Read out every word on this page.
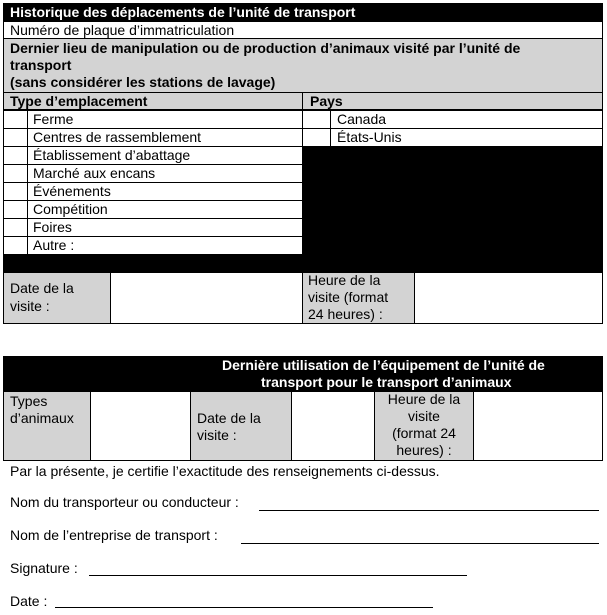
Historique des déplacements de l’unité de transport
Numéro de plaque d’immatriculation
Dernier lieu de manipulation ou de production d’animaux visité par l’unité de
transport
(sans considérer les stations de lavage)
Type d’emplacement	Pays
Ferme
Centres de rassemblement
Établissement d’abattage
Marché aux encans
Événements
Compétition
Foires
Autre :
Canada
États-Unis
Date de la
visite :
Heure de la
visite (format
24 heures) :
Dernière utilisation de l’équipement de l’unité de
transport pour le transport d’animaux
Types
d’animaux	Date de la
visite :
Heure de la
visite
(format 24
heures) :
Par la présente, je certifie l’exactitude des renseignements ci-dessus.
Nom du transporteur ou conducteur :
Nom de l’entreprise de transport :
Signature :
Date :
